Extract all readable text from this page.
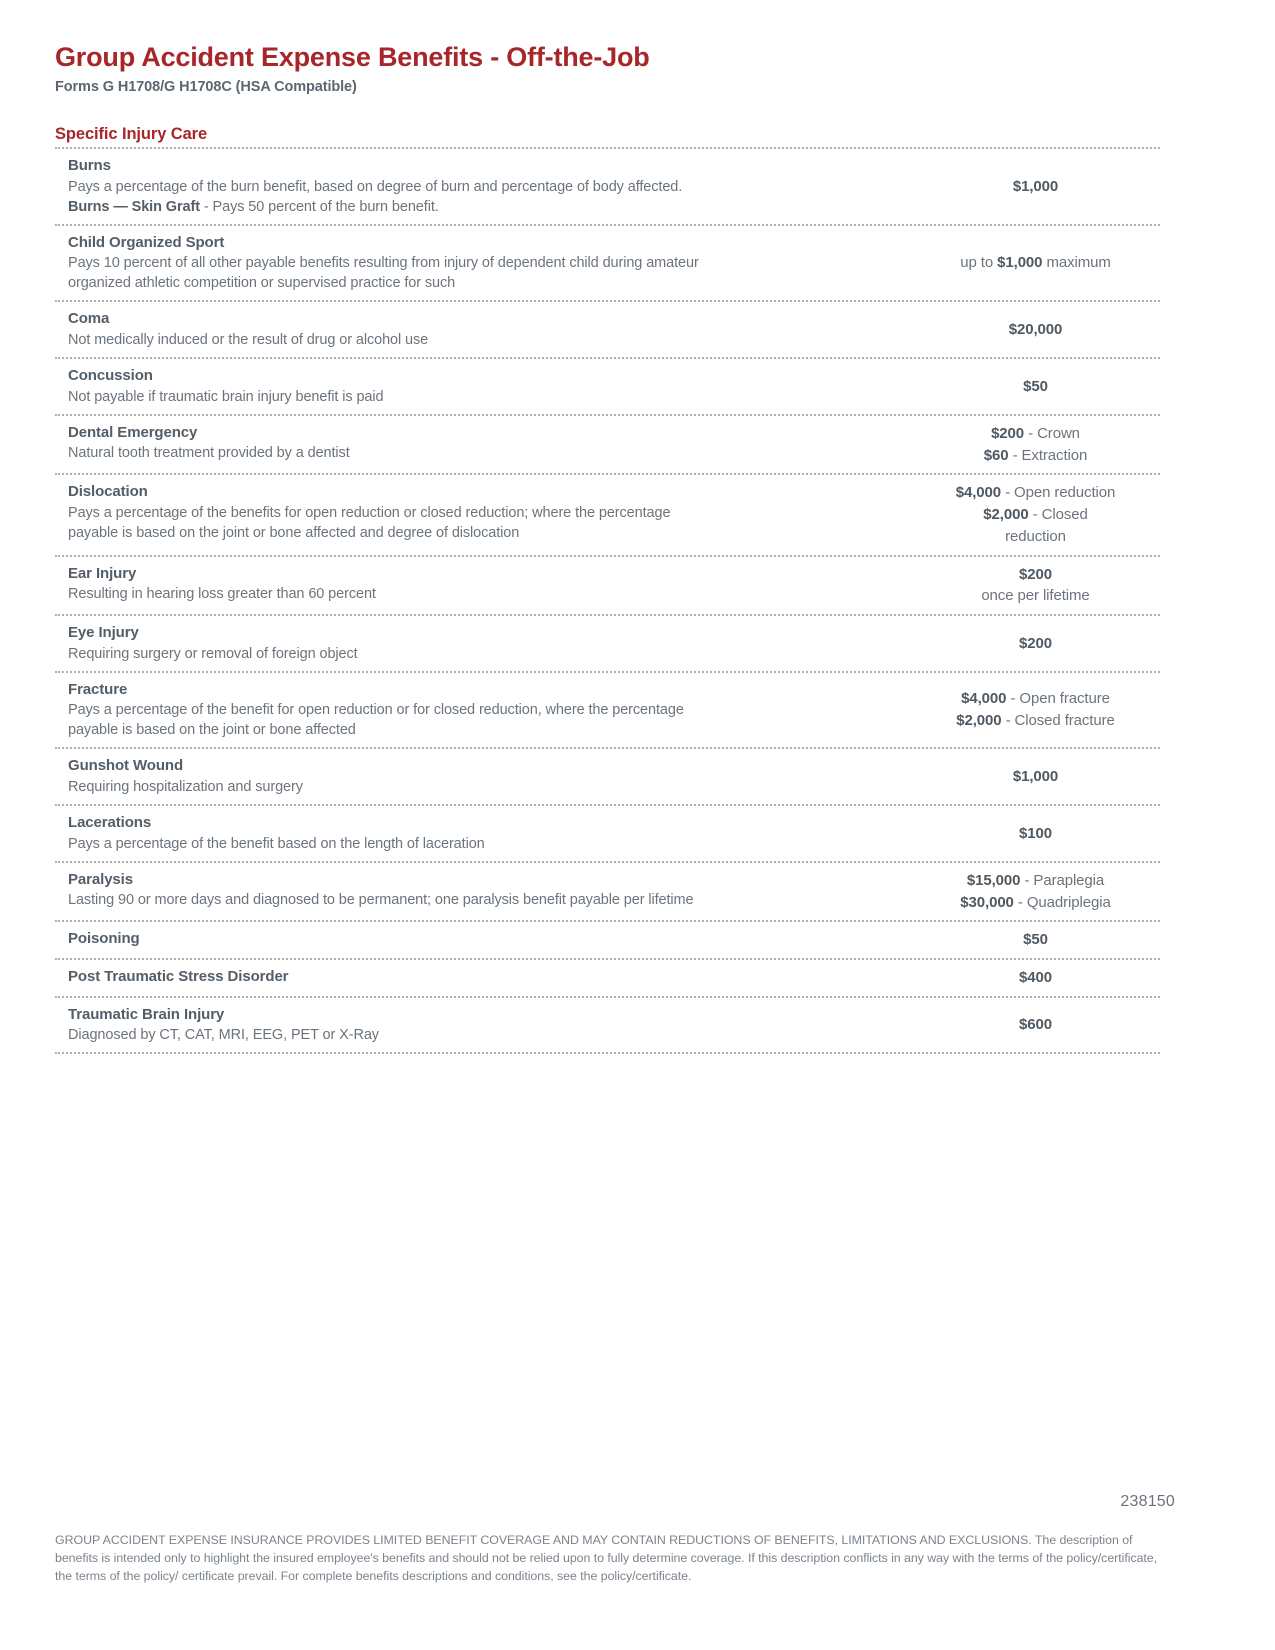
Group Accident Expense Benefits - Off-the-Job
Forms G H1708/G H1708C (HSA Compatible)
Specific Injury Care
Burns
Pays a percentage of the burn benefit, based on degree of burn and percentage of body affected.
Burns — Skin Graft - Pays 50 percent of the burn benefit.
$1,000
Child Organized Sport
Pays 10 percent of all other payable benefits resulting from injury of dependent child during amateur
organized athletic competition or supervised practice for such
up to $1,000 maximum
Coma
Not medically induced or the result of drug or alcohol use
$20,000
Concussion
Not payable if traumatic brain injury benefit is paid
$50
Dental Emergency
Natural tooth treatment provided by a dentist
$200 - Crown
$60 - Extraction
Dislocation
Pays a percentage of the benefits for open reduction or closed reduction; where the percentage
payable is based on the joint or bone affected and degree of dislocation
$4,000 - Open reduction
$2,000 - Closed
reduction
Ear Injury
Resulting in hearing loss greater than 60 percent
$200
once per lifetime
Eye Injury
Requiring surgery or removal of foreign object
$200
Fracture
Pays a percentage of the benefit for open reduction or for closed reduction, where the percentage
payable is based on the joint or bone affected
$4,000 - Open fracture
$2,000 - Closed fracture
Gunshot Wound
Requiring hospitalization and surgery
$1,000
Lacerations
Pays a percentage of the benefit based on the length of laceration
$100
Paralysis
Lasting 90 or more days and diagnosed to be permanent; one paralysis benefit payable per lifetime
$15,000 - Paraplegia
$30,000 - Quadriplegia
Poisoning	$50
Post Traumatic Stress Disorder	$400
Traumatic Brain Injury
Diagnosed by CT, CAT, MRI, EEG, PET or X-Ray
$600
238150
GROUP ACCIDENT EXPENSE INSURANCE PROVIDES LIMITED BENEFIT COVERAGE AND MAY CONTAIN REDUCTIONS OF BENEFITS, LIMITATIONS AND EXCLUSIONS. The description of benefits is intended only to highlight the insured employee's benefits and should not be relied upon to fully determine coverage. If this description conflicts in any way with the terms of the policy/certificate, the terms of the policy/ certificate prevail. For complete benefits descriptions and conditions, see the policy/certificate.
